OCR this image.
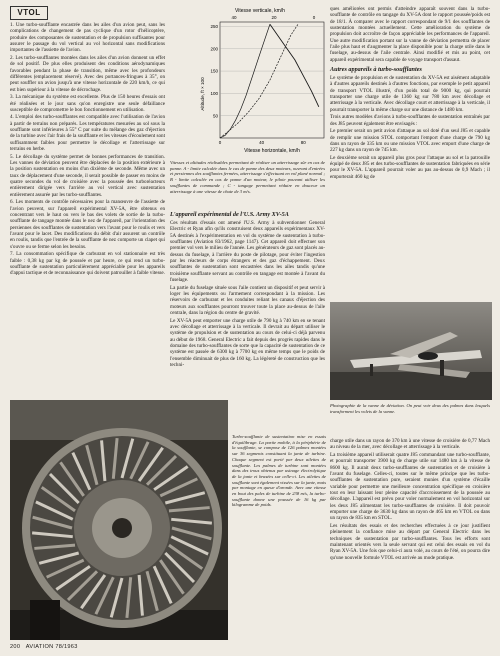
VTOL

1. Une turbo-soufflante encastrée dans les ailes d'un avion peut, sans les complications de changement de pas cyclique d'un rotor d'hélicoptère, produire des composantes de sustentation et de propulsion suffisantes pour assurer le passage du vol vertical au vol horizontal sans modifications importantes de l'assiette de l'avion.

2. Les turbo-soufflantes montées dans les ailes d'un avion donnent un effet de sol positif. De plus elles produisent des conditions aérodynamiques favorables pendant la phase de transition, même avec les profondeurs différentes (emplacement réservé). Avec des portances-fringues à 35°, on peut souffler un avion jusqu'à une vitesse horizontale de 220 km/h, ce qui est bien supérieur à la vitesse de décrochage.

3. La mécanique du système est excellente. Plus de 150 heures d'essais ont été réalisées et le jour sans qu'on enregistre une seule défaillance susceptible de compromettre le bon fonctionnement en utilisation.

4. L'emploi des turbo-soufflantes est compatible avec l'utilisation de l'avion à partir de terrains non préparés. Les températures mesurées au sol sous la soufflante sont inférieures à 55° C par suite du mélange des gaz d'éjection de la turbine avec l'air frais de la soufflante et les vitesses d'écoulement sont suffisamment faibles pour permettre le décollage et l'atterrissage sur terrains en herbe.

5. Le décollage du système permet de bonnes performances de transition. Les vannes de déviation peuvent être déplacées de la position extérieure à la position sustentation en moins d'un dixième de seconde. Même avec un taux de déplacement d'une seconde, il serait possible de passer en moins de quatre secondes du vol de croisière avec la poussée des turboréacteurs entièrement dirigée vers l'arrière au vol vertical avec sustentation entièrement assurée par les turbo-soufflantes.

6. Les moments de contrôle nécessaires pour la manœuvre de l'assiette de l'avion peuvent, sur l'appareil expérimental XV-5A, être obtenus en concentrant vers le haut ou vers le bas des volets de sortie de la turbo-soufflante de tangage montée dans le nez de l'appareil, par l'orientation des persiennes des soufflantes de sustentation vers l'avant pour le roulis et vers l'avant pour le lacet. Des modifications du débit d'air assurent un contrôle en roulis, tandis que l'entrée de la soufflante de nez comporte un clapet qui s'ouvre ou se ferme selon les besoins.

7. La consommation spécifique de carburant en vol stationnaire est très faible : 0,38 kg par kg de poussée et par heure, ce qui rend un turbo-soufflante de sustentation particulièrement appréciable pour les appareils d'appui tactique et de reconnaissance qui doivent patrouiller à faible vitesse.

Vitesse verticale, km/h
40	20	0
Altitude, ft × 100
Vitesse horizontale, km/h
50
100
150
200
250
0	40	80
Vitesses et altitudes réalisables permettant de réaliser un atterrissage sûr en cas de panne. A - limite calculée dans le cas de panne des deux moteurs, ouvrant d'entrées et persiennes des soufflantes fermées, atterrissage s'effectuant en vol plané normal ; B - limite calculée en cas de panne d'un moteur, le pilote pouvant utiliser les soufflantes de commande ; C - tangage permettant réduire en douceur un atterrissage à une vitesse de chute de 3 m/s.
L'appareil expérimental de l'U.S. Army XV-5A

Ces résultats d'essais ont amené l'U.S. Army à subventionner General Electric et Ryan afin qu'ils construisent deux appareils expérimentaux XV-5A destinés à l'expérimentation en vol du système de sustentation à turbo-soufflantes (Aviation 83/1962, page 1147). Cet appareil doit effectuer son premier vol vers le milieu de l'année. Les générateurs de gaz sont placés au-dessus du fuselage, à l'arrière du poste de pilotage, pour éviter l'ingestion par les réacteurs de corps étrangers et des gaz d'échappement. Deux soufflantes de sustentation sont encastrées dans les ailes tandis qu'une troisième soufflante servant au contrôle en tangage est montée à l'avant du fuselage.

La partie du fuselage située sous l'aile contient un dispositif et peut servir à loger les équipements ou l'armement correspondant à la mission. Les réservoirs de carburant et les conduites reliant les canaux d'éjection des moteurs aux soufflantes pourront trouver toute la place au-dessus de l'aile centrale, dans la région du centre de gravité.

Le XV-5A peut emporter une charge utile de 790 kg à 740 km en se tenant avec décollage et atterrissage à la verticale. Il devrait au départ utiliser le système de propulsion et de sustentation au cours de celui-ci déjà parvenu au début de 1968. General Electric a fait depuis des progrès rapides dans le domaine des turbo-soufflantes de sorte que la capacité de sustentation de ce système est passée de 6300 kg à 7700 kg en même temps que le poids de l'ensemble diminuait de plus de 160 kg. La légèreté de construction que les techni-

ques améliorées ont permis d'atteindre apparaît souvent dans la turbo-soufflante de contrôle en tangage du XV-5A dont le rapport poussée/poids est de 18/1. À comparer avec le rapport correspondant de 9/1 des soufflantes de sustentation montées actuellement. Cette amélioration du système de propulsion doit accroître de façon appréciable les performances de l'appareil. Une autre modification portant sur la vanne de déviation permettra de placer l'aile plus haut et d'augmenter la place disponible pour la charge utile dans le fuselage, au-dessus de l'aile centrale. Ainsi modifié et mis au point, cet appareil expérimental sera capable de voyage transport d'assaut.

Autres appareils à turbo-soufflantes

Le système de propulsion et de sustentation du XV-5A est aisément adaptable à d'autres appareils destinés à d'autres fonctions, par exemple le petit appareil de transport VTOL illustré, d'un poids total de 9000 kg, qui pourrait transporter une charge utile de 1360 kg sur 780 km avec décollage et atterrissage à la verticale. Avec décollage court et atterrissage à la verticale, il pourrait transporter la même charge sur une distance de 1480 km.

Trois autres modèles d'avions à turbo-soufflantes de sustentation entraînés par des J85 peuvent également être envisagés :

Le premier serait un petit avion d'attaque au sol doté d'un seul J85 et capable de remplir une mission STOL comportant l'emport d'une charge de 790 kg dans un rayon de 335 km ou une mission VTOL avec emport d'une charge de 227 kg dans un rayon de 745 km.

Le deuxième serait un appareil plus gros pour l'attaque au sol et la patrouille équipé de deux J85 et des turbo-soufflantes de sustentation fabriquées en série pour le XV-5A. L'appareil pourrait voler au pas au-dessus de 0,9 Mach ; il emporterait 460 kg de

Photographie de la vanne de déviation. On peut voir deux des palmes dans lesquels transforment les volets de la vanne.
Turbo-soufflante de sustentation mise en essais d'équilibrage. La partie mobile, à la périphérie de la soufflante, se compose de 126 palmes montées sur 36 segments constituant la jante de turbine. Chaque segment est porté par deux ailettes de soufflante. Les palmes de turbine sont montées dans des trous obtenus par usinage électrolytique de la jante et brasées sur celle-ci. Les ailettes de soufflante sont également vissées sur la jante, mais par montage en queue d'aronde. Avec une vitesse en bout des pales de turbine de 238 m/s, la turbo-soufflante donne une poussée de 16 kg par kilogramme de poids.

charge utile dans un rayon de 370 km à une vitesse de croisière de 0,77 Mach au niveau de la mer, avec décollage et atterrissage à la verticale.

La troisième appareil utiliserait quatre J85 commandant une turbo-soufflante, et pourrait transporter 3900 kg de charge utile sur 1480 km à la vitesse de 8600 kg. Il aurait deux turbo-soufflantes de sustentation et de croisière à l'avant du fuselage. Celles-ci, toutes sur le même principe que les turbo-soufflantes de sustentation pure, seraient munies d'un système d'écaille variable pour permettre une meilleure concentration spécifique en croisière tout en leur laissant leur pleine capacité d'accroissement de la poussée au décollage. L'appareil est prévu pour voler normalement en vol horizontal sur les deux J85 alimentant les turbo-soufflantes de croisière. Il doit pouvoir emporter une charge de 3630 kg dans un rayon de 465 km en VTOL ou dans un rayon de 835 km en STOL.

Les résultats des essais et des recherches effectuées à ce jour justifient pleinement la confiance mise au départ par General Electric dans les techniques de sustentation par turbo-soufflantes. Tous les efforts sont maintenant orientés vers la seule servant qui est celui des essais en vol du Ryan XV-5A. Une fois que celui-ci aura volé, au cours de l'été, on pourra dire qu'une nouvelle formule VTOL est arrivée au mode pratique.

200 AVIATION 78/1963
